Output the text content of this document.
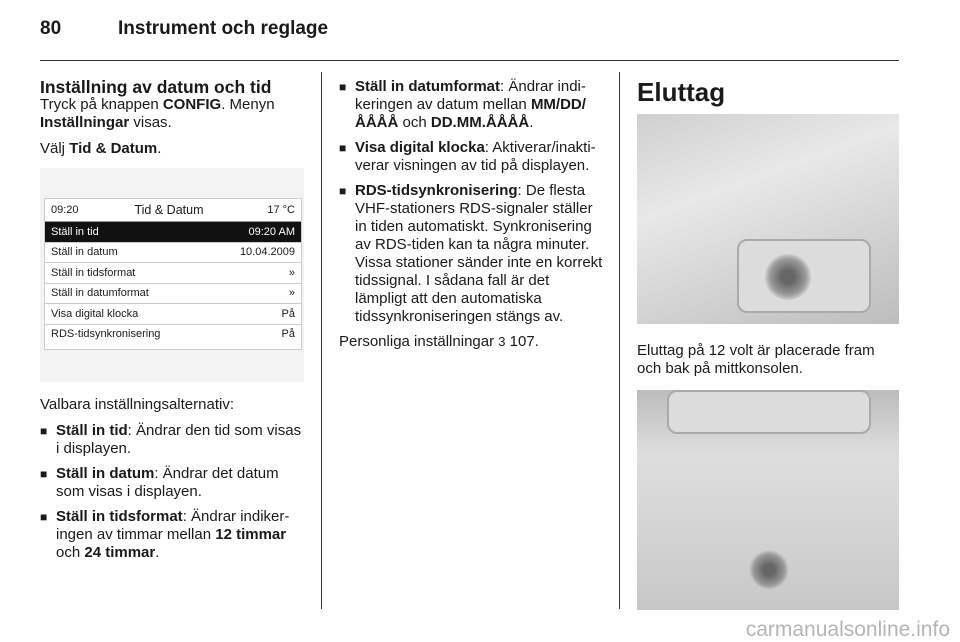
80	Instrument och reglage
Inställning av datum och tid

Tryck på knappen CONFIG. Menyn Inställningar visas.

Välj Tid & Datum.

09:20	Tid & Datum	17 °C
Ställ in tid	09:20 AM
Ställ in datum	10.04.2009
Ställ in tidsformat	»
Ställ in datumformat	»
Visa digital klocka	På
RDS-tidsynkronisering	På

Valbara inställningsalternativ:

■ Ställ in tid: Ändrar den tid som visas i displayen.
■ Ställ in datum: Ändrar det datum som visas i displayen.
■ Ställ in tidsformat: Ändrar indikeringen av timmar mellan 12 timmar och 24 timmar.
■ Ställ in datumformat: Ändrar indikeringen av datum mellan MM/DD/ ÅÅÅÅ och DD.MM.ÅÅÅÅ.
■ Visa digital klocka: Aktiverar/inaktiverar visningen av tid på displayen.
■ RDS-tidsynkronisering: De flesta VHF-stationers RDS-signaler ställer in tiden automatiskt. Synkronisering av RDS-tiden kan ta några minuter. Vissa stationer sänder inte en korrekt tidssignal. I sådana fall är det lämpligt att den automatiska tidssynkroniseringen stängs av.

Personliga inställningar 3 107.

Eluttag

Eluttag på 12 volt är placerade fram och bak på mittkonsolen.

carmanualsonline.info
